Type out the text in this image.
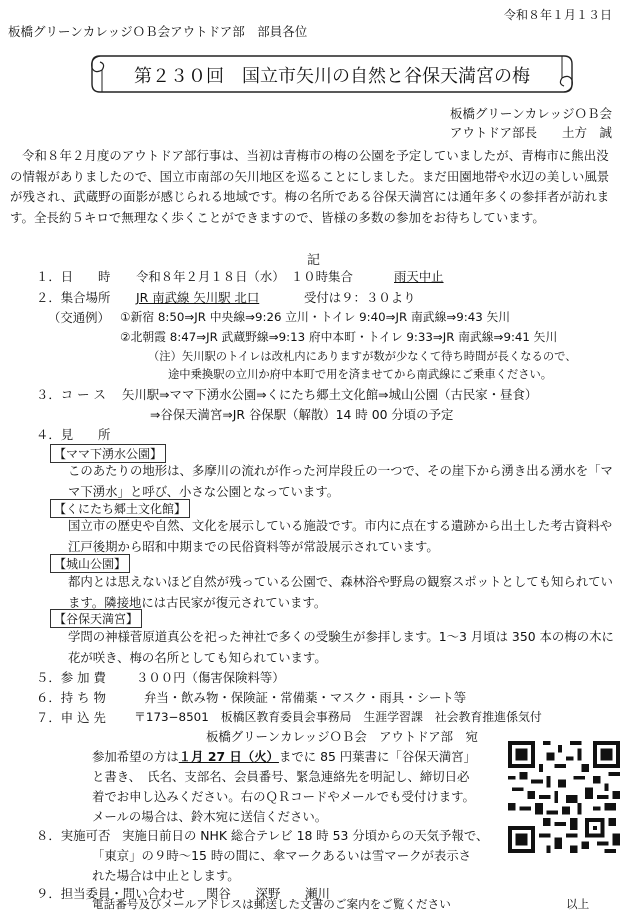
令和８年１月１３日
板橋グリーンカレッジＯＢ会アウトドア部　部員各位
第２３０回　国立市矢川の自然と谷保天満宮の梅
板橋グリーンカレッジＯＢ会
アウトドア部長　　土方　誠
令和８年２月度のアウトドア部行事は、当初は青梅市の梅の公園を予定していましたが、青梅市に熊出没の情報がありましたので、国立市南部の矢川地区を巡ることにしました。まだ田園地帯や水辺の美しい風景が残され、武蔵野の面影が感じられる地域です。梅の名所である谷保天満宮には通年多くの参拝者が訪れます。全長約５キロで無理なく歩くことができますので、皆様の多数の参加をお待ちしています。
記
１．日　　時 令和８年２月１８日（水）　１０時集合	雨天中止
２．集合場所 JR 南武線 矢川駅 北口	受付は９：３０より
（交通例） ①新宿 8:50⇒JR 中央線⇒9:26 立川・トイレ 9:40⇒JR 南武線⇒9:43 矢川
②北朝霞 8:47⇒JR 武蔵野線⇒9:13 府中本町・トイレ 9:33⇒JR 南武線⇒9:41 矢川
（注）矢川駅のトイレは改札内にありますが数が少なくて待ち時間が長くなるので、
途中乗換駅の立川か府中本町で用を済ませてから南武線にご乗車ください。
３．コ ー ス 矢川駅⇒ママ下湧水公園⇒くにたち郷土文化館⇒城山公園（古民家・昼食）
⇒谷保天満宮⇒JR 谷保駅（解散）14 時 00 分頃の予定
４．見　　所
【ママ下湧水公園】
このあたりの地形は、多摩川の流れが作った河岸段丘の一つで、その崖下から湧き出る湧水を「ママ下湧水」と呼び、小さな公園となっています。
【くにたち郷土文化館】
国立市の歴史や自然、文化を展示している施設です。市内に点在する遺跡から出土した考古資料や江戸後期から昭和中期までの民俗資料等が常設展示されています。
【城山公園】
都内とは思えないほど自然が残っている公園で、森林浴や野鳥の観察スポットとしても知られています。隣接地には古民家が復元されています。
【谷保天満宮】
学問の神様菅原道真公を祀った神社で多くの受験生が参拝します。1〜3 月頃は 350 本の梅の木に花が咲き、梅の名所としても知られています。
５．参 加 費 ３００円（傷害保険料等）
６．持 ち 物	弁当・飲み物・保険証・常備薬・マスク・雨具・シート等
７．申 込 先 〒173−8501　板橋区教育委員会事務局　生涯学習課　社会教育推進係気付
板橋グリーンカレッジＯＢ会　アウトドア部　宛
参加希望の方は１月 27 日（火）までに 85 円葉書に「谷保天満宮」
と書き、　氏名、支部名、会員番号、緊急連絡先を明記し、締切日必
着でお申し込みください。右のＱＲコードやメールでも受付けます。
メールの場合は、鈴木宛に送信ください。
８．実施可否 実施日前日の NHK 総合テレビ 18 時 53 分頃からの天気予報で、
「東京」の９時〜15 時の間に、傘マークあるいは雪マークが表示さ
れた場合は中止とします。
９．担当委員・問い合わせ 関谷　　深野　　瀬川
電話番号及びメールアドレスは郵送した文書のご案内をご覧ください	以上
